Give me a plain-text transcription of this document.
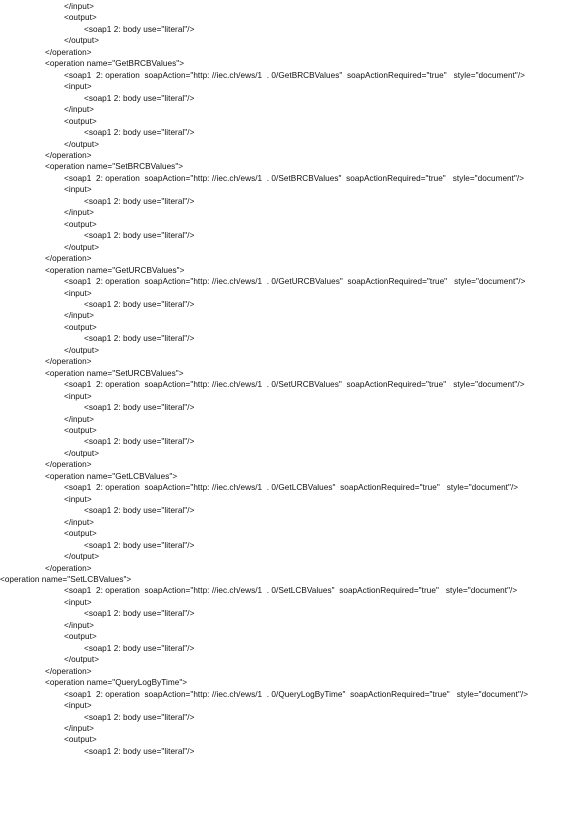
</input>
<output>
<soap1 2: body use="literal"/>
</output>
</operation>
<operation name="GetBRCBValues">
<soap1  2: operation  soapAction="http: //iec.ch/ews/1  . 0/GetBRCBValues"  soapActionRequired="true"   style="document"/>
<input>
<soap1 2: body use="literal"/>
</input>
<output>
<soap1 2: body use="literal"/>
</output>
</operation>
<operation name="SetBRCBValues">
<soap1  2: operation  soapAction="http: //iec.ch/ews/1  . 0/SetBRCBValues"  soapActionRequired="true"   style="document"/>
<input>
<soap1 2: body use="literal"/>
</input>
<output>
<soap1 2: body use="literal"/>
</output>
</operation>
<operation name="GetURCBValues">
<soap1  2: operation  soapAction="http: //iec.ch/ews/1  . 0/GetURCBValues"  soapActionRequired="true"   style="document"/>
<input>
<soap1 2: body use="literal"/>
</input>
<output>
<soap1 2: body use="literal"/>
</output>
</operation>
<operation name="SetURCBValues">
<soap1  2: operation  soapAction="http: //iec.ch/ews/1  . 0/SetURCBValues"  soapActionRequired="true"   style="document"/>
<input>
<soap1 2: body use="literal"/>
</input>
<output>
<soap1 2: body use="literal"/>
</output>
</operation>
<operation name="GetLCBValues">
<soap1  2: operation  soapAction="http: //iec.ch/ews/1  . 0/GetLCBValues"  soapActionRequired="true"   style="document"/>
<input>
<soap1 2: body use="literal"/>
</input>
<output>
<soap1 2: body use="literal"/>
</output>
</operation>
<operation name="SetLCBValues">
<soap1  2: operation  soapAction="http: //iec.ch/ews/1  . 0/SetLCBValues"  soapActionRequired="true"   style="document"/>
<input>
<soap1 2: body use="literal"/>
</input>
<output>
<soap1 2: body use="literal"/>
</output>
</operation>
<operation name="QueryLogByTime">
<soap1  2: operation  soapAction="http: //iec.ch/ews/1  . 0/QueryLogByTime"  soapActionRequired="true"   style="document"/>
<input>
<soap1 2: body use="literal"/>
</input>
<output>
<soap1 2: body use="literal"/>
